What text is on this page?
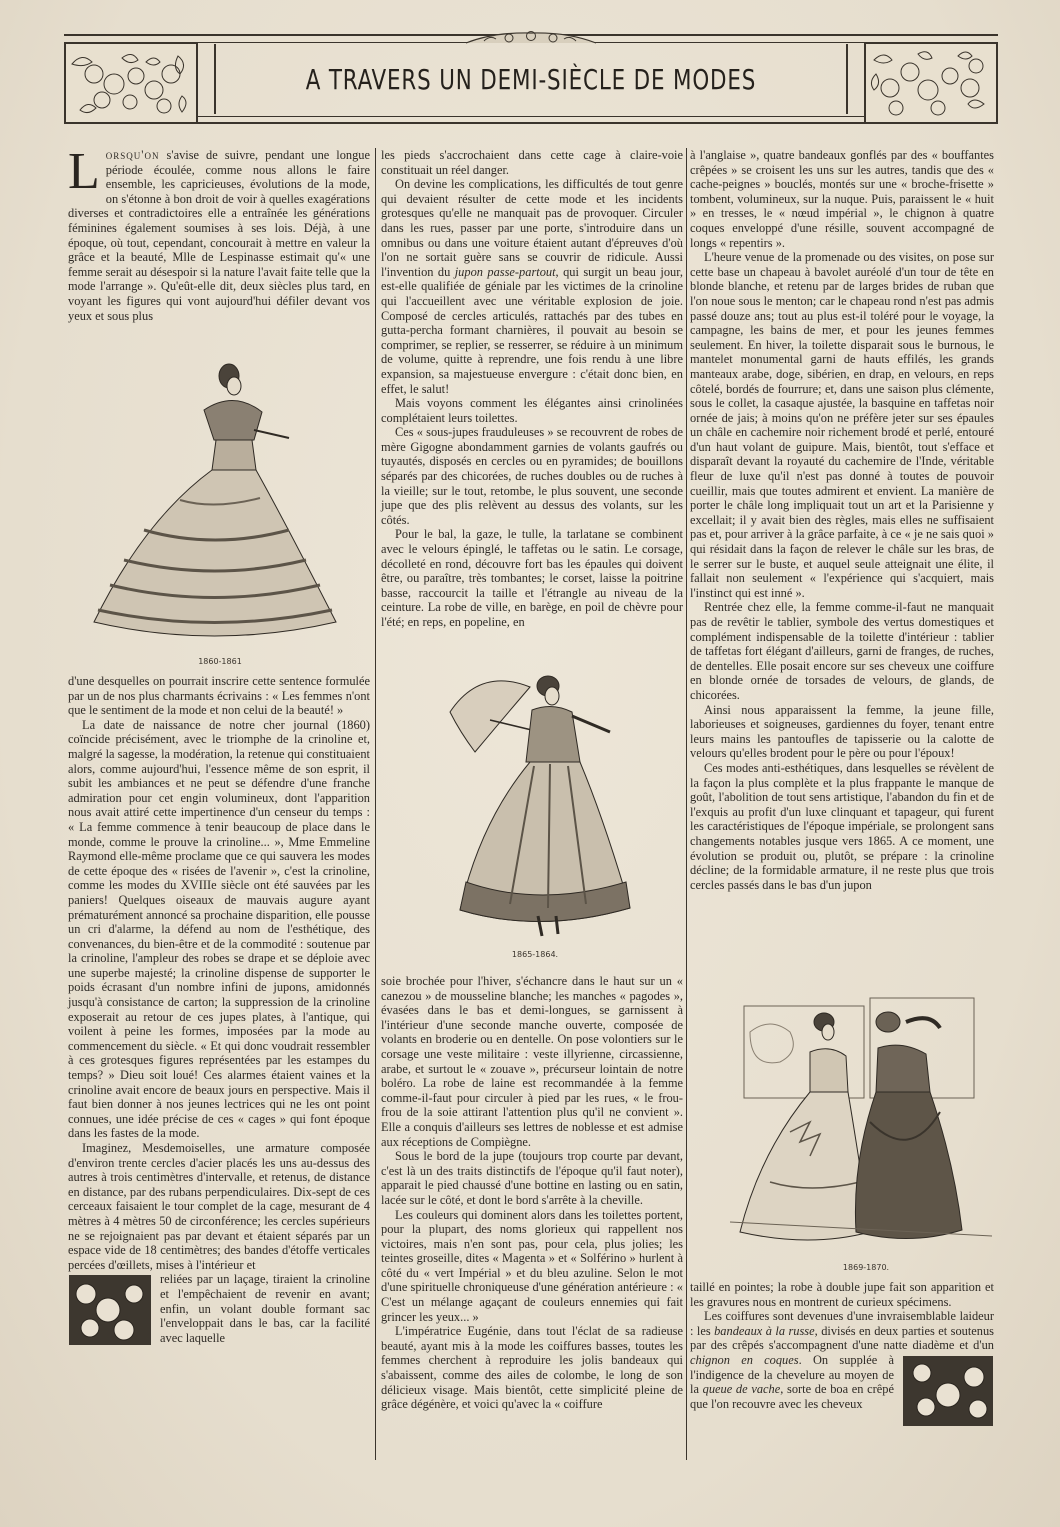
A TRAVERS UN DEMI-SIÈCLE DE MODES

Lorsqu'on s'avise de suivre, pendant une longue période écoulée, comme nous allons le faire ensemble, les capricieuses, évolutions de la mode, on s'étonne à bon droit de voir à quelles exagérations diverses et contradictoires elle a entraînée les générations féminines également soumises à ses lois. Déjà, à une époque, où tout, cependant, concourait à mettre en valeur la grâce et la beauté, Mlle de Lespinasse estimait qu'« une femme serait au désespoir si la nature l'avait faite telle que la mode l'arrange ». Qu'eût-elle dit, deux siècles plus tard, en voyant les figures qui vont aujourd'hui défiler devant vos yeux et sous plus

1860-1861

d'une desquelles on pourrait inscrire cette sentence formulée par un de nos plus charmants écrivains : « Les femmes n'ont que le sentiment de la mode et non celui de la beauté! »

La date de naissance de notre cher journal (1860) coïncide précisément, avec le triomphe de la crinoline et, malgré la sagesse, la modération, la retenue qui constituaient alors, comme aujourd'hui, l'essence même de son esprit, il subit les ambiances et ne peut se défendre d'une franche admiration pour cet engin volumineux, dont l'apparition nous avait attiré cette impertinence d'un censeur du temps : « La femme commence à tenir beaucoup de place dans le monde, comme le prouve la crinoline... », Mme Emmeline Raymond elle-même proclame que ce qui sauvera les modes de cette époque des « risées de l'avenir », c'est la crinoline, comme les modes du XVIIIe siècle ont été sauvées par les paniers! Quelques oiseaux de mauvais augure ayant prématurément annoncé sa prochaine disparition, elle pousse un cri d'alarme, la défend au nom de l'esthétique, des convenances, du bien-être et de la commodité : soutenue par la crinoline, l'ampleur des robes se drape et se déploie avec une superbe majesté; la crinoline dispense de supporter le poids écrasant d'un nombre infini de jupons, amidonnés jusqu'à consistance de carton; la suppression de la crinoline exposerait au retour de ces jupes plates, à l'antique, qui voilent à peine les formes, imposées par la mode au commencement du siècle. « Et qui donc voudrait ressembler à ces grotesques figures représentées par les estampes du temps? » Dieu soit loué! Ces alarmes étaient vaines et la crinoline avait encore de beaux jours en perspective. Mais il faut bien donner à nos jeunes lectrices qui ne les ont point connues, une idée précise de ces « cages » qui font époque dans les fastes de la mode.

Imaginez, Mesdemoiselles, une armature composée d'environ trente cercles d'acier placés les uns au-dessus des autres à trois centimètres d'intervalle, et retenus, de distance en distance, par des rubans perpendiculaires. Dix-sept de ces cerceaux faisaient le tour complet de la cage, mesurant de 4 mètres à 4 mètres 50 de circonférence; les cercles supérieurs ne se rejoignaient pas par devant et étaient séparés par un espace vide de 18 centimètres; des bandes d'étoffe verticales percées d'œillets, mises à l'intérieur et

reliées par un laçage, tiraient la crinoline et l'empêchaient de revenir en avant; enfin, un volant double formant sac l'enveloppait dans le bas, car la facilité avec laquelle

les pieds s'accrochaient dans cette cage à claire-voie constituait un réel danger.

On devine les complications, les difficultés de tout genre qui devaient résulter de cette mode et les incidents grotesques qu'elle ne manquait pas de provoquer. Circuler dans les rues, passer par une porte, s'introduire dans un omnibus ou dans une voiture étaient autant d'épreuves d'où l'on ne sortait guère sans se couvrir de ridicule. Aussi l'invention du jupon passe-partout, qui surgit un beau jour, est-elle qualifiée de géniale par les victimes de la crinoline qui l'accueillent avec une véritable explosion de joie. Composé de cercles articulés, rattachés par des tubes en gutta-percha formant charnières, il pouvait au besoin se comprimer, se replier, se resserrer, se réduire à un minimum de volume, quitte à reprendre, une fois rendu à une libre expansion, sa majestueuse envergure : c'était donc bien, en effet, le salut!

Mais voyons comment les élégantes ainsi crinolinées complétaient leurs toilettes.

Ces « sous-jupes frauduleuses » se recouvrent de robes de mère Gigogne abondamment garnies de volants gaufrés ou tuyautés, disposés en cercles ou en pyramides; de bouillons séparés par des chicorées, de ruches doubles ou de ruches à la vieille; sur le tout, retombe, le plus souvent, une seconde jupe que des plis relèvent au dessus des volants, sur les côtés.

Pour le bal, la gaze, le tulle, la tarlatane se combinent avec le velours épinglé, le taffetas ou le satin. Le corsage, décolleté en rond, découvre fort bas les épaules qui doivent être, ou paraître, très tombantes; le corset, laisse la poitrine basse, raccourcit la taille et l'étrangle au niveau de la ceinture. La robe de ville, en barège, en poil de chèvre pour l'été; en reps, en popeline, en

1865-1864.

soie brochée pour l'hiver, s'échancre dans le haut sur un « canezou » de mousseline blanche; les manches « pagodes », évasées dans le bas et demi-longues, se garnissent à l'intérieur d'une seconde manche ouverte, composée de volants en broderie ou en dentelle. On pose volontiers sur le corsage une veste militaire : veste illyrienne, circassienne, arabe, et surtout le « zouave », précurseur lointain de notre boléro. La robe de laine est recommandée à la femme comme-il-faut pour circuler à pied par les rues, « le frou-frou de la soie attirant l'attention plus qu'il ne convient ». Elle a conquis d'ailleurs ses lettres de noblesse et est admise aux réceptions de Compiègne.

Sous le bord de la jupe (toujours trop courte par devant, c'est là un des traits distinctifs de l'époque qu'il faut noter), apparait le pied chaussé d'une bottine en lasting ou en satin, lacée sur le côté, et dont le bord s'arrête à la cheville.

Les couleurs qui dominent alors dans les toilettes portent, pour la plupart, des noms glorieux qui rappellent nos victoires, mais n'en sont pas, pour cela, plus jolies; les teintes groseille, dites « Magenta » et « Solférino » hurlent à côté du « vert Impérial » et du bleu azuline. Selon le mot d'une spirituelle chroniqueuse d'une génération antérieure : « C'est un mélange agaçant de couleurs ennemies qui fait grincer les yeux... »

L'impératrice Eugénie, dans tout l'éclat de sa radieuse beauté, ayant mis à la mode les coiffures basses, toutes les femmes cherchent à reproduire les jolis bandeaux qui s'abaissent, comme des ailes de colombe, le long de son délicieux visage. Mais bientôt, cette simplicité pleine de grâce dégénère, et voici qu'avec la « coiffure

à l'anglaise », quatre bandeaux gonflés par des « bouffantes crêpées » se croisent les uns sur les autres, tandis que des « cache-peignes » bouclés, montés sur une « broche-frisette » tombent, volumineux, sur la nuque. Puis, paraissent le « huit » en tresses, le « nœud impérial », le chignon à quatre coques enveloppé d'une résille, souvent accompagné de longs « repentirs ».

L'heure venue de la promenade ou des visites, on pose sur cette base un chapeau à bavolet auréolé d'un tour de tête en blonde blanche, et retenu par de larges brides de ruban que l'on noue sous le menton; car le chapeau rond n'est pas admis passé douze ans; tout au plus est-il toléré pour le voyage, la campagne, les bains de mer, et pour les jeunes femmes seulement. En hiver, la toilette disparait sous le burnous, le mantelet monumental garni de hauts effilés, les grands manteaux arabe, doge, sibérien, en drap, en velours, en reps côtelé, bordés de fourrure; et, dans une saison plus clémente, sous le collet, la casaque ajustée, la basquine en taffetas noir ornée de jais; à moins qu'on ne préfère jeter sur ses épaules un châle en cachemire noir richement brodé et perlé, entouré d'un haut volant de guipure. Mais, bientôt, tout s'efface et disparaît devant la royauté du cachemire de l'Inde, véritable fleur de luxe qu'il n'est pas donné à toutes de pouvoir cueillir, mais que toutes admirent et envient. La manière de porter le châle long impliquait tout un art et la Parisienne y excellait; il y avait bien des règles, mais elles ne suffisaient pas et, pour arriver à la grâce parfaite, à ce « je ne sais quoi » qui résidait dans la façon de relever le châle sur les bras, de le serrer sur le buste, et auquel seule atteignait une élite, il fallait non seulement « l'expérience qui s'acquiert, mais l'instinct qui est inné ».

Rentrée chez elle, la femme comme-il-faut ne manquait pas de revêtir le tablier, symbole des vertus domestiques et complément indispensable de la toilette d'intérieur : tablier de taffetas fort élégant d'ailleurs, garni de franges, de ruches, de dentelles. Elle posait encore sur ses cheveux une coiffure en blonde ornée de torsades de velours, de glands, de chicorées.

Ainsi nous apparaissent la femme, la jeune fille, laborieuses et soigneuses, gardiennes du foyer, tenant entre leurs mains les pantoufles de tapisserie ou la calotte de velours qu'elles brodent pour le père ou pour l'époux!

Ces modes anti-esthétiques, dans lesquelles se révèlent de la façon la plus complète et la plus frappante le manque de goût, l'abolition de tout sens artistique, l'abandon du fin et de l'exquis au profit d'un luxe clinquant et tapageur, qui furent les caractéristiques de l'époque impériale, se prolongent sans changements notables jusque vers 1865. A ce moment, une évolution se produit ou, plutôt, se prépare : la crinoline décline; de la formidable armature, il ne reste plus que trois cercles passés dans le bas d'un jupon

1869-1870.

taillé en pointes; la robe à double jupe fait son apparition et les gravures nous en montrent de curieux spécimens.

Les coiffures sont devenues d'une invraisemblable laideur : les bandeaux à la russe, divisés en deux parties et soutenus par des crêpés s'accompagnent d'une natte diadème et d'un
chignon en coques. On supplée à l'indigence de la chevelure au moyen de la queue de vache, sorte de boa en crêpé que l'on recouvre avec les cheveux
